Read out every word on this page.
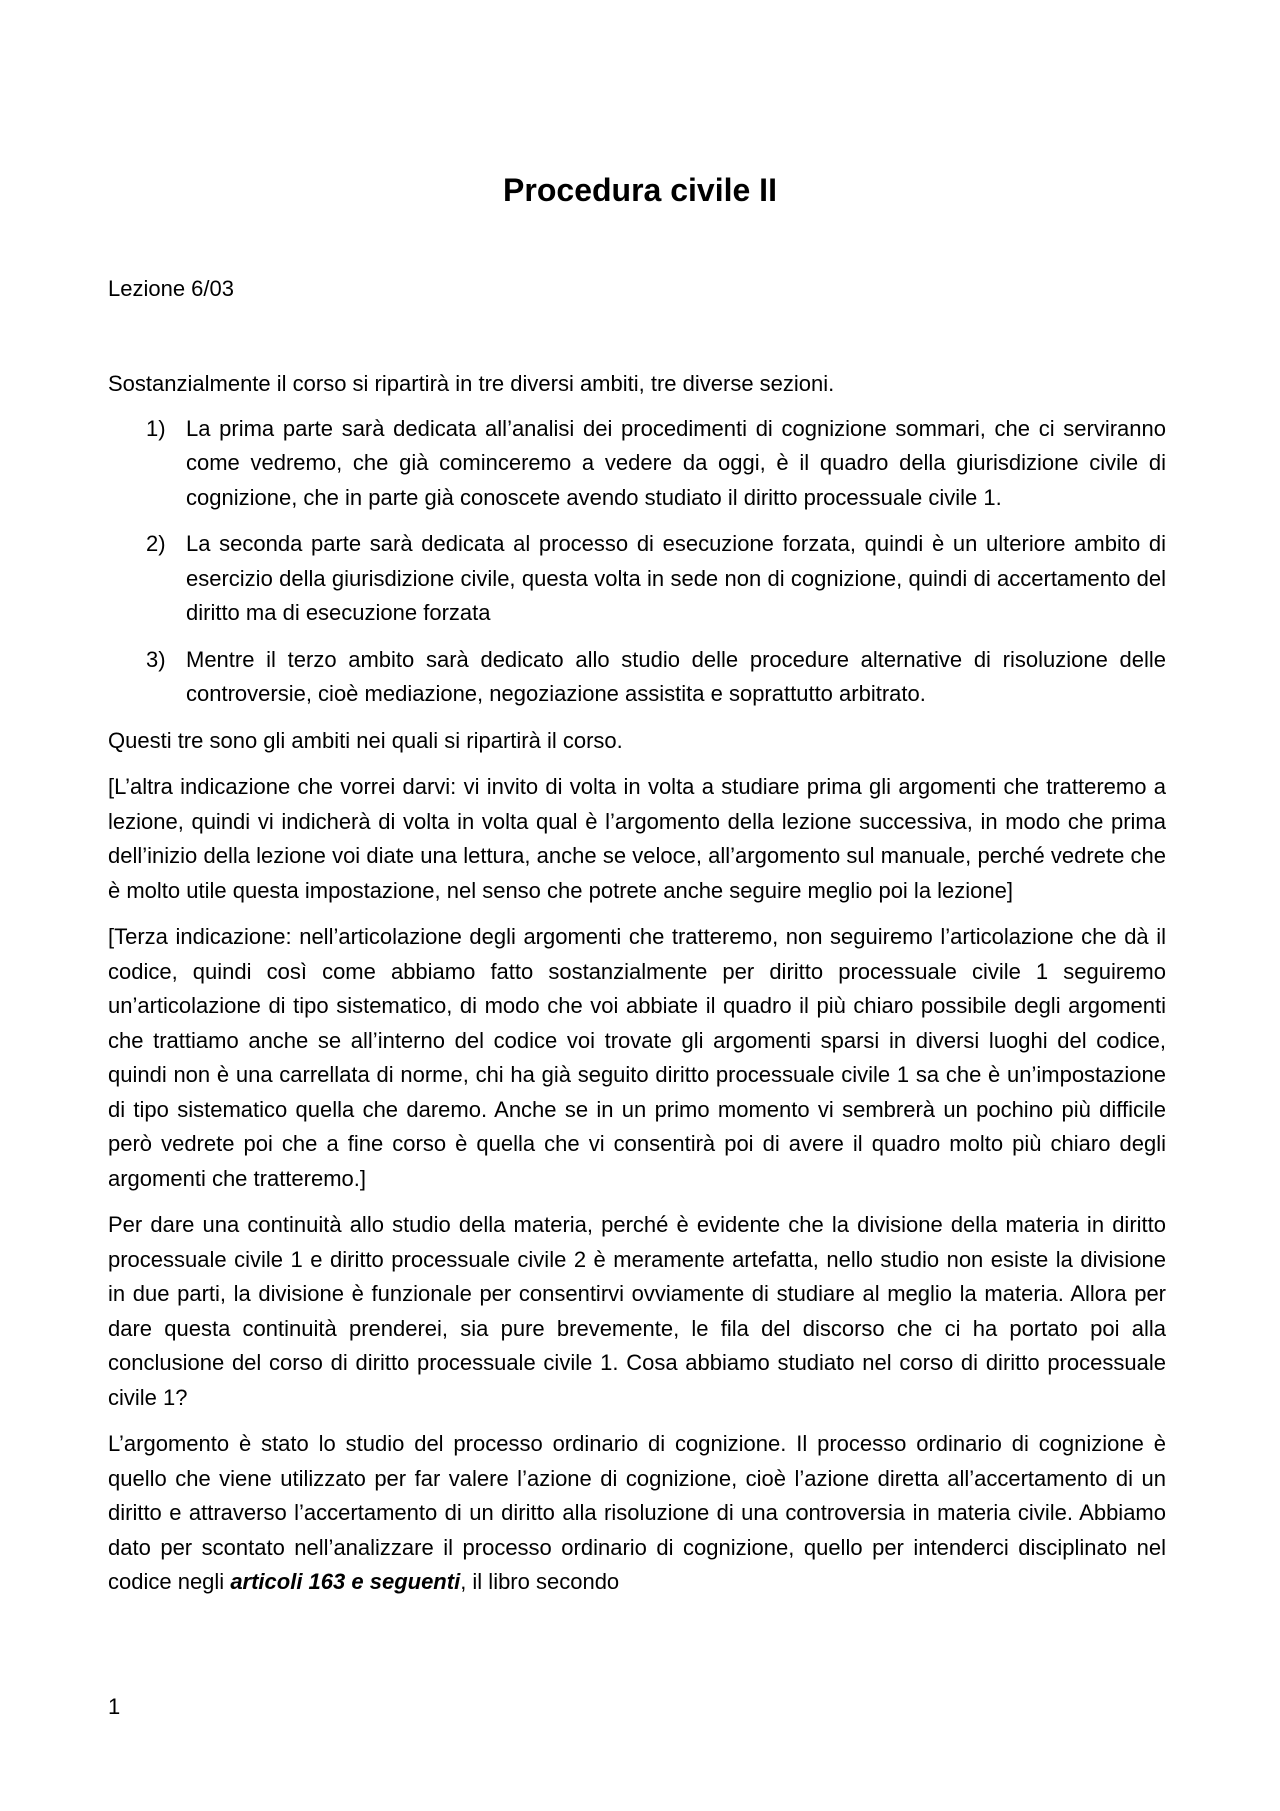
Procedura civile II
Lezione 6/03

Sostanzialmente il corso si ripartirà in tre diversi ambiti, tre diverse sezioni.

1) La prima parte sarà dedicata all’analisi dei procedimenti di cognizione sommari, che ci serviranno come vedremo, che già cominceremo a vedere da oggi, è il quadro della giurisdizione civile di cognizione, che in parte già conoscete avendo studiato il diritto processuale civile 1.
2) La seconda parte sarà dedicata al processo di esecuzione forzata, quindi è un ulteriore ambito di esercizio della giurisdizione civile, questa volta in sede non di cognizione, quindi di accertamento del diritto ma di esecuzione forzata
3) Mentre il terzo ambito sarà dedicato allo studio delle procedure alternative di risoluzione delle controversie, cioè mediazione, negoziazione assistita e soprattutto arbitrato.

Questi tre sono gli ambiti nei quali si ripartirà il corso.

[L’altra indicazione che vorrei darvi: vi invito di volta in volta a studiare prima gli argomenti che tratteremo a lezione, quindi vi indicherà di volta in volta qual è l’argomento della lezione successiva, in modo che prima dell’inizio della lezione voi diate una lettura, anche se veloce, all’argomento sul manuale, perché vedrete che è molto utile questa impostazione, nel senso che potrete anche seguire meglio poi la lezione]

[Terza indicazione: nell’articolazione degli argomenti che tratteremo, non seguiremo l’articolazione che dà il codice, quindi così come abbiamo fatto sostanzialmente per diritto processuale civile 1 seguiremo un’articolazione di tipo sistematico, di modo che voi abbiate il quadro il più chiaro possibile degli argomenti che trattiamo anche se all’interno del codice voi trovate gli argomenti sparsi in diversi luoghi del codice, quindi non è una carrellata di norme, chi ha già seguito diritto processuale civile 1 sa che è un’impostazione di tipo sistematico quella che daremo. Anche se in un primo momento vi sembrerà un pochino più difficile però vedrete poi che a fine corso è quella che vi consentirà poi di avere il quadro molto più chiaro degli argomenti che tratteremo.]

Per dare una continuità allo studio della materia, perché è evidente che la divisione della materia in diritto processuale civile 1 e diritto processuale civile 2 è meramente artefatta, nello studio non esiste la divisione in due parti, la divisione è funzionale per consentirvi ovviamente di studiare al meglio la materia. Allora per dare questa continuità prenderei, sia pure brevemente, le fila del discorso che ci ha portato poi alla conclusione del corso di diritto processuale civile 1. Cosa abbiamo studiato nel corso di diritto processuale civile 1?

L’argomento è stato lo studio del processo ordinario di cognizione. Il processo ordinario di cognizione è quello che viene utilizzato per far valere l’azione di cognizione, cioè l’azione diretta all’accertamento di un diritto e attraverso l’accertamento di un diritto alla risoluzione di una controversia in materia civile. Abbiamo dato per scontato nell’analizzare il processo ordinario di cognizione, quello per intenderci disciplinato nel codice negli articoli 163 e seguenti, il libro secondo

1
